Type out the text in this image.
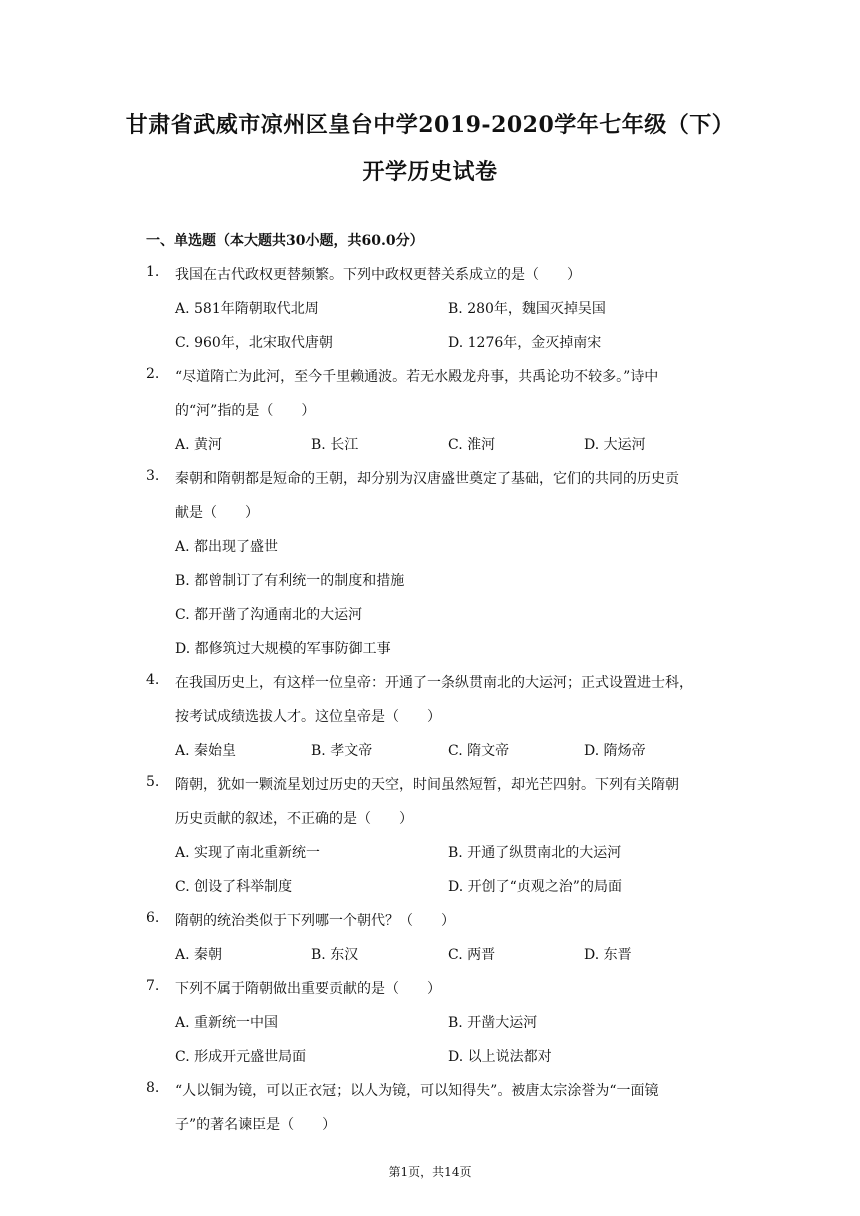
甘肃省武威市凉州区皇台中学2019-2020学年七年级（下）
开学历史试卷
一、单选题（本大题共30小题，共60.0分）
1. 我国在古代政权更替频繁。下列中政权更替关系成立的是（　　）
A. 581年隋朝取代北周	B. 280年，魏国灭掉吴国
C. 960年，北宋取代唐朝	D. 1276年，金灭掉南宋
2. “尽道隋亡为此河，至今千里赖通波。若无水殿龙舟事，共禹论功不较多。”诗中
的“河”指的是（　　）
A. 黄河	B. 长江	C. 淮河	D. 大运河
3. 秦朝和隋朝都是短命的王朝，却分别为汉唐盛世奠定了基础，它们的共同的历史贡
献是（　　）
A. 都出现了盛世
B. 都曾制订了有利统一的制度和措施
C. 都开凿了沟通南北的大运河
D. 都修筑过大规模的军事防御工事
4. 在我国历史上，有这样一位皇帝：开通了一条纵贯南北的大运河；正式设置进士科，
按考试成绩选拔人才。这位皇帝是（　　）
A. 秦始皇	B. 孝文帝	C. 隋文帝	D. 隋炀帝
5. 隋朝，犹如一颗流星划过历史的天空，时间虽然短暂，却光芒四射。下列有关隋朝
历史贡献的叙述，不正确的是（　　）
A. 实现了南北重新统一	B. 开通了纵贯南北的大运河
C. 创设了科举制度	D. 开创了“贞观之治”的局面
6. 隋朝的统治类似于下列哪一个朝代？（　　）
A. 秦朝	B. 东汉	C. 两晋	D. 东晋
7. 下列不属于隋朝做出重要贡献的是（　　）
A. 重新统一中国	B. 开凿大运河
C. 形成开元盛世局面	D. 以上说法都对
8. “人以铜为镜，可以正衣冠；以人为镜，可以知得失”。被唐太宗涂誉为“一面镜
子”的著名谏臣是（　　）
第1页，共14页
